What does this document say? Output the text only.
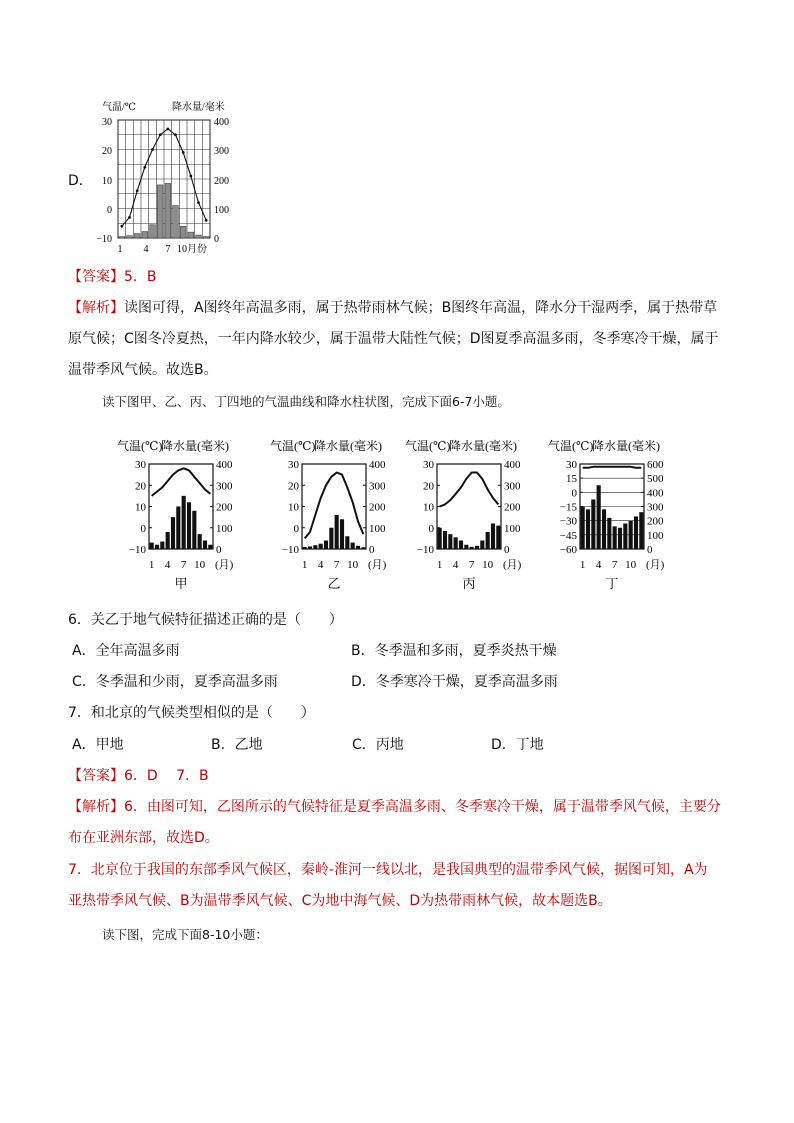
D．
气温/℃	降水量/毫米
30
20
10
0
−10
400
300
200
100
0
1 4 7 10月份
【答案】5．B
【解析】读图可得，A图终年高温多雨，属于热带雨林气候；B图终年高温，降水分干湿两季，属于热带草
原气候；C图冬冷夏热，一年内降水较少，属于温带大陆性气候；D图夏季高温多雨，冬季寒冷干燥，属于
温带季风气候。故选B。
读下图甲、乙、丙、丁四地的气温曲线和降水柱状图，完成下面6-7小题。
气温(℃)
降水量(毫米)
30
20
10
0
−10
400
300
200
100
0
1 4 7 10 (月)
甲
气温(℃)
降水量(毫米)
30
20
10
0
−10
400
300
200
100
0
1 4 7 10 (月)
乙
气温(℃)
降水量(毫米)
30
20
10
0
−10
400
300
200
100
0
1 4 7 10 (月)
丙
气温(℃)
降水量(毫米)
30
15
0
−15
−30
−45
−60
600
500
400
300
200
100
0
1 4 7 10 (月)
丁
6．关乙于地气候特征描述正确的是（　　）
A．全年高温多雨	B．冬季温和多雨，夏季炎热干燥
C．冬季温和少雨，夏季高温多雨	D．冬季寒冷干燥，夏季高温多雨
7．和北京的气候类型相似的是（　　）
A．甲地	B．乙地	C．丙地	D．丁地
【答案】6．D　 7．B
【解析】6．由图可知，乙图所示的气候特征是夏季高温多雨、冬季寒冷干燥，属于温带季风气候，主要分
布在亚洲东部，故选D。
7．北京位于我国的东部季风气候区，秦岭-淮河一线以北，是我国典型的温带季风气候，据图可知，A为
亚热带季风气候、B为温带季风气候、C为地中海气候、D为热带雨林气候，故本题选B。
读下图，完成下面8-10小题：
